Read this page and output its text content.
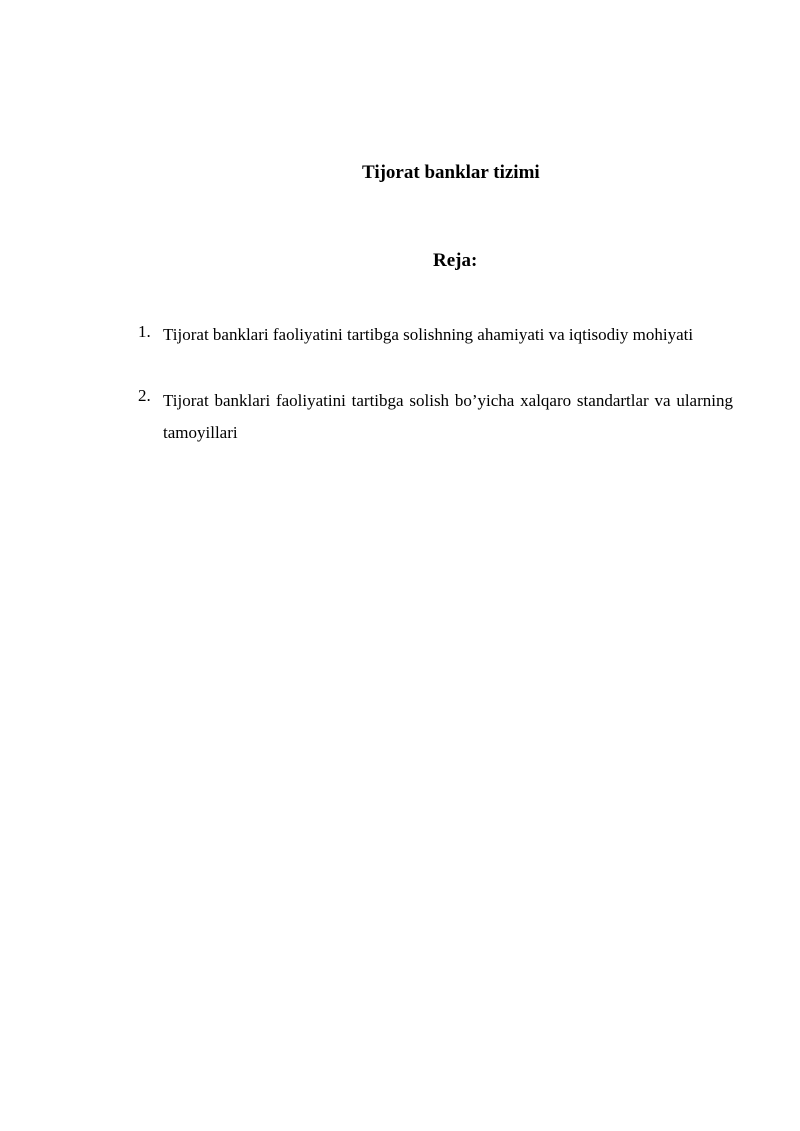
Tijorat banklar tizimi
Reja:
1. Tijorat banklari faoliyatini tartibga solishning ahamiyati va iqtisodiy mohiyati
2. Tijorat banklari faoliyatini tartibga solish bo’yicha xalqaro standartlar va ularning tamoyillari
